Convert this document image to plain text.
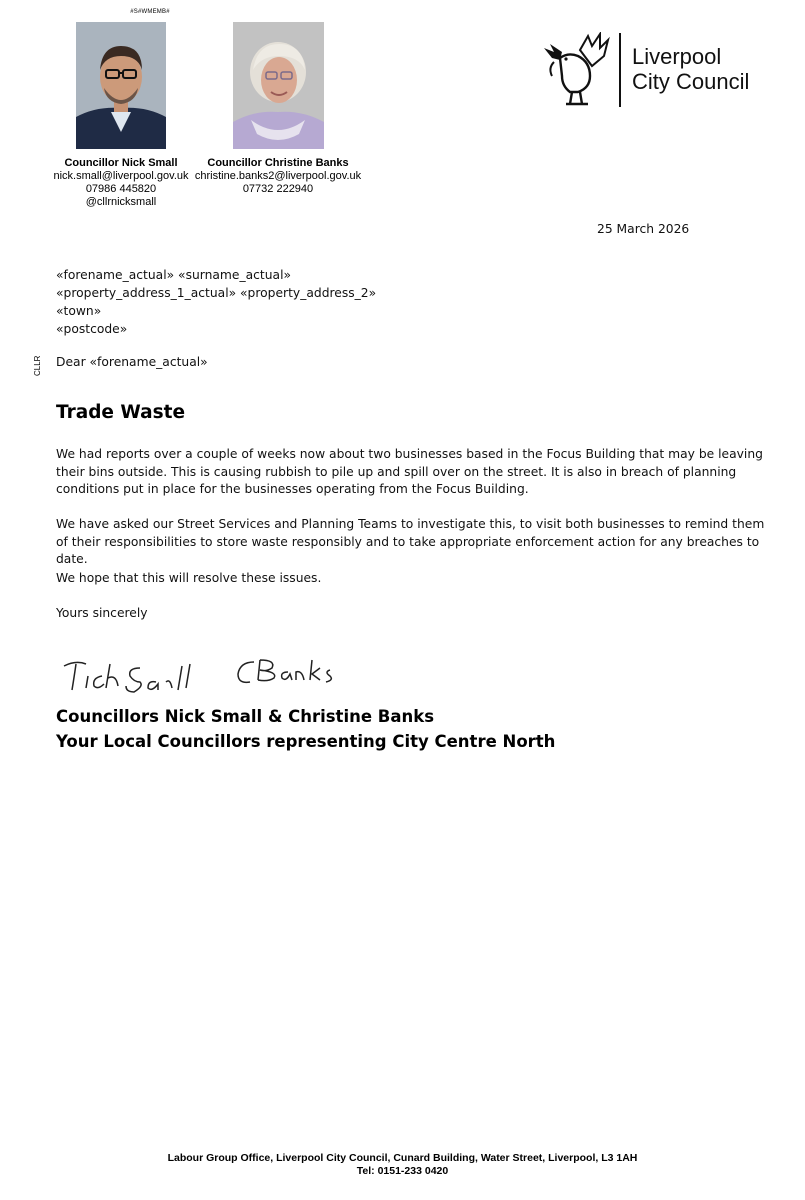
#S#WMEMB#
Councillor Nick Small
nick.small@liverpool.gov.uk
07986 445820
@cllrnicksmall
Councillor Christine Banks
christine.banks2@liverpool.gov.uk
07732 222940
Liverpool
City Council
25 March 2026
«forename_actual» «surname_actual»
«property_address_1_actual» «property_address_2»
«town»
«postcode»
CLLR Dear «forename_actual»
Trade Waste
We had reports over a couple of weeks now about two businesses based in the Focus Building that may be leaving their bins outside. This is causing rubbish to pile up and spill over on the street. It is also in breach of planning conditions put in place for the businesses operating from the Focus Building.
We have asked our Street Services and Planning Teams to investigate this, to visit both businesses to remind them of their responsibilities to store waste responsibly and to take appropriate enforcement action for any breaches to date.
We hope that this will resolve these issues.
Yours sincerely
Councillors Nick Small & Christine Banks
Your Local Councillors representing City Centre North
Labour Group Office, Liverpool City Council, Cunard Building, Water Street, Liverpool, L3 1AH
Tel: 0151-233 0420
